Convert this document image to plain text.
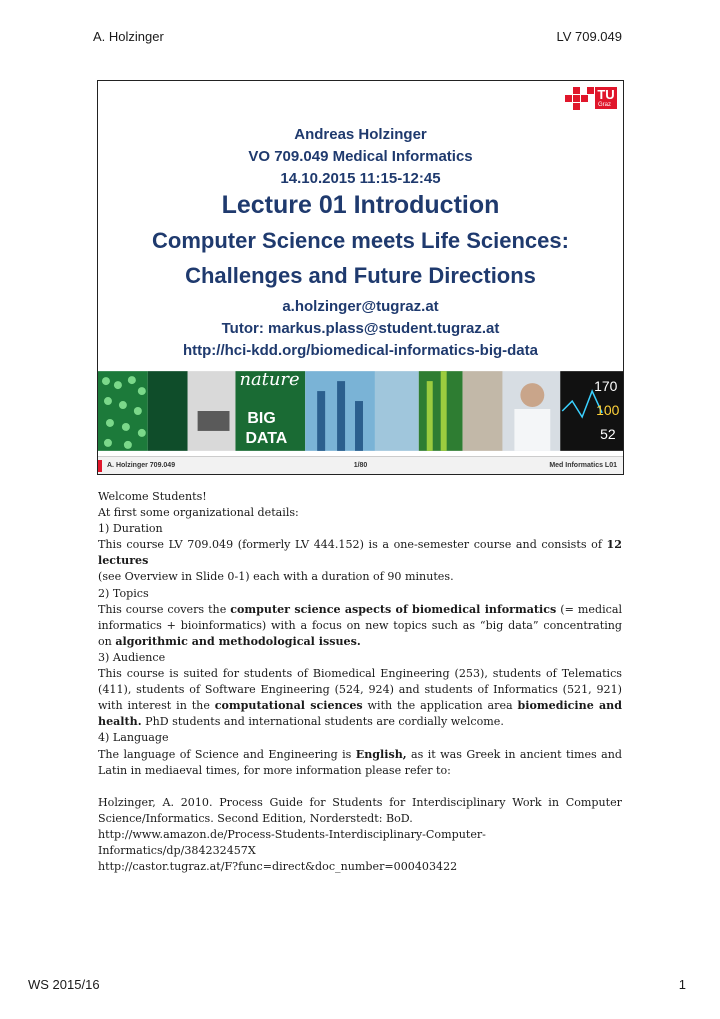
A. Holzinger	LV 709.049
TU
Graz
Andreas Holzinger
VO 709.049 Medical Informatics
14.10.2015 11:15-12:45
Lecture 01 Introduction
Computer Science meets Life Sciences:
Challenges and Future Directions
a.holzinger@tugraz.at
Tutor: markus.plass@student.tugraz.at
http://hci-kdd.org/biomedical-informatics-big-data
nature
BIG
DATA
170
100
52
A. Holzinger 709.049	1/80	Med Informatics L01

Welcome Students!

At first some organizational details:

1) Duration

This course LV 709.049 (formerly LV 444.152) is a one-semester course and consists of 12 lectures

(see Overview in Slide 0-1) each with a duration of 90 minutes.

2) Topics

This course covers the computer science aspects of biomedical informatics (= medical informatics + bioinformatics) with a focus on new topics such as “big data” concentrating on algorithmic and methodological issues.

3) Audience

This course is suited for students of Biomedical Engineering (253), students of Telematics (411), students of Software Engineering (524, 924) and students of Informatics (521, 921) with interest in the computational sciences with the application area biomedicine and health. PhD students and international students are cordially welcome.

4) Language

The language of Science and Engineering is English, as it was Greek in ancient times and Latin in mediaeval times, for more information please refer to:

Holzinger, A. 2010. Process Guide for Students for Interdisciplinary Work in Computer Science/Informatics. Second Edition, Norderstedt: BoD.

http://www.amazon.de/Process-Students-Interdisciplinary-Computer-

Informatics/dp/384232457X

http://castor.tugraz.at/F?func=direct&doc_number=000403422

WS 2015/16	1
